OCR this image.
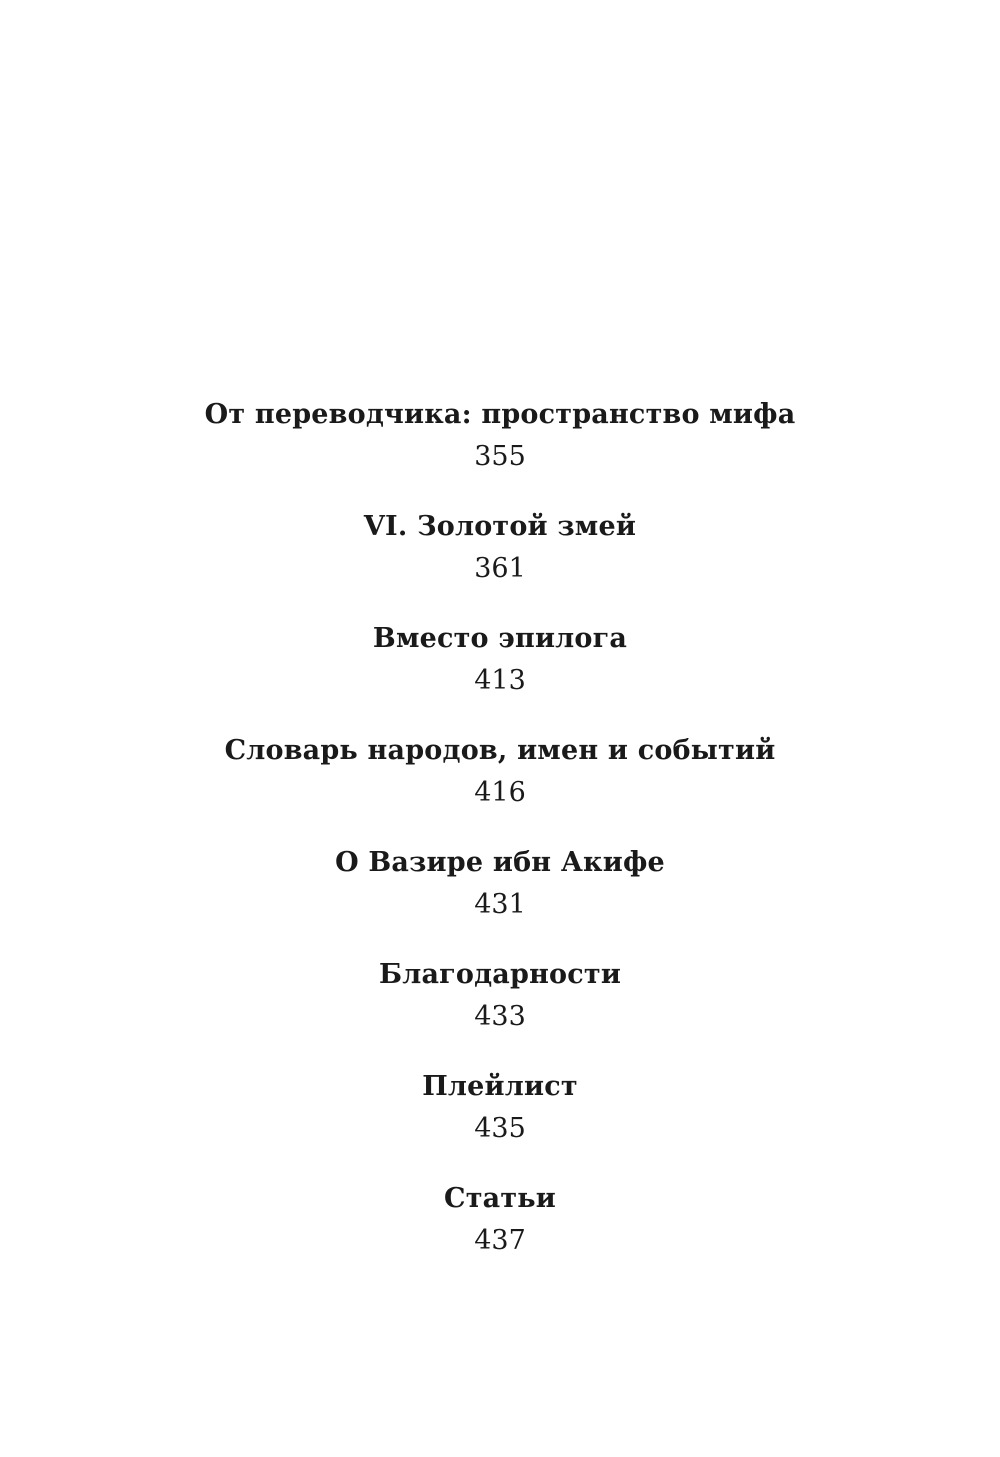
От переводчика: пространство мифа
355
VI. Золотой змей
361
Вместо эпилога
413
Словарь народов, имен и событий
416
О Вазире ибн Акифе
431
Благодарности
433
Плейлист
435
Статьи
437
